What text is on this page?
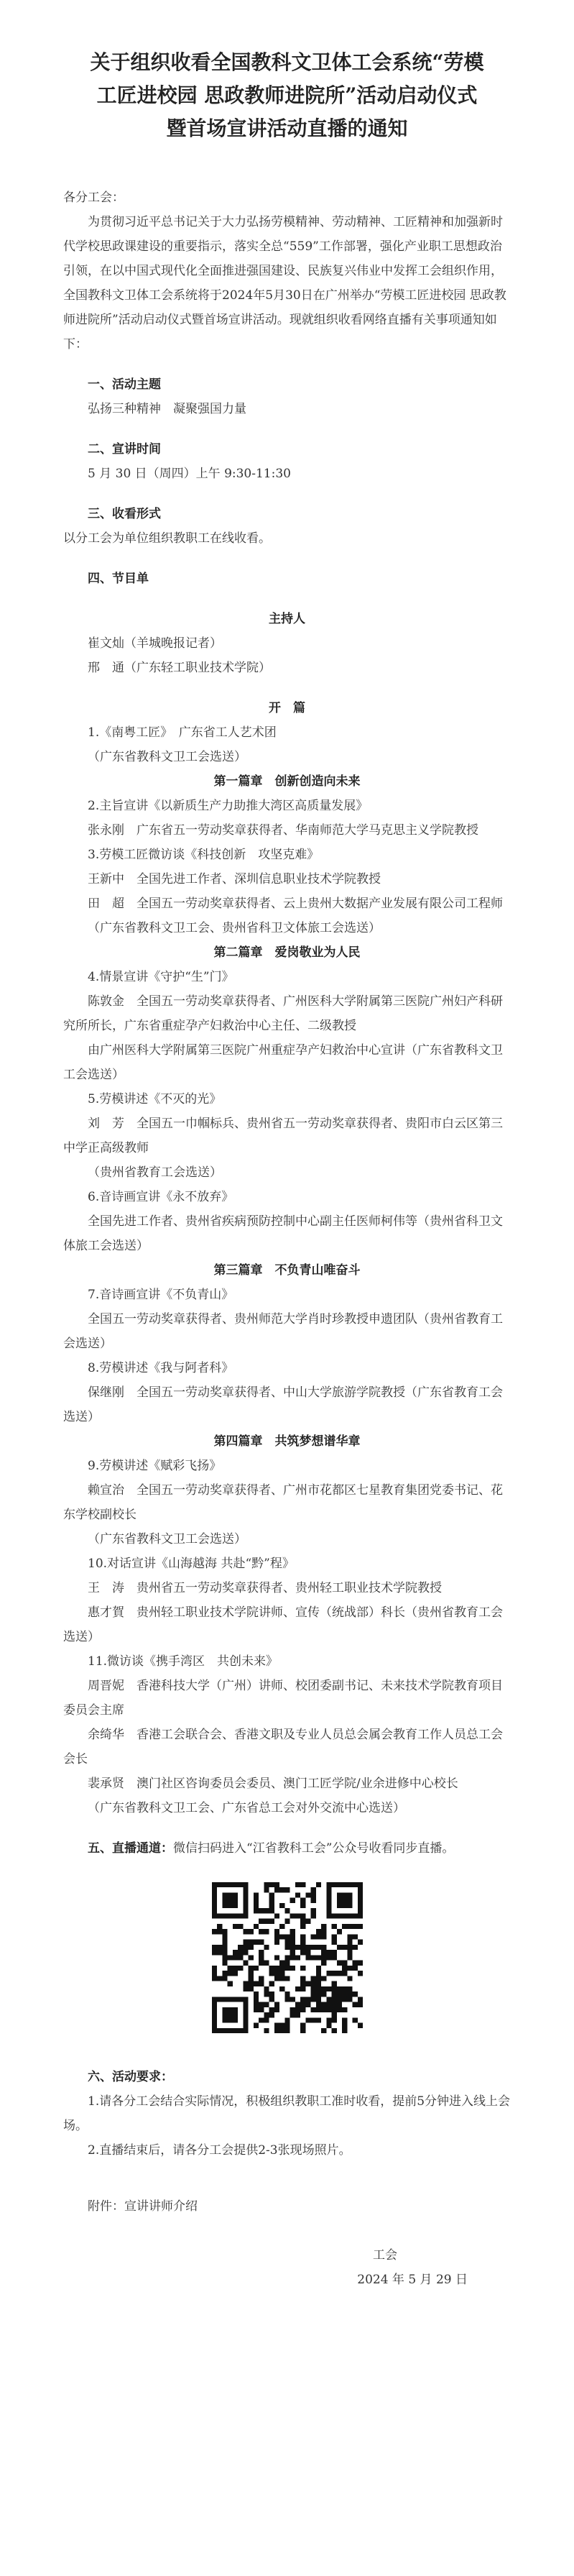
关于组织收看全国教科文卫体工会系统“劳模
工匠进校园 思政教师进院所”活动启动仪式
暨首场宣讲活动直播的通知

各分工会：

为贯彻习近平总书记关于大力弘扬劳模精神、劳动精神、工匠精神和加强新时代学校思政课建设的重要指示，落实全总“559”工作部署，强化产业职工思想政治引领，在以中国式现代化全面推进强国建设、民族复兴伟业中发挥工会组织作用，全国教科文卫体工会系统将于2024年5月30日在广州举办“劳模工匠进校园 思政教师进院所”活动启动仪式暨首场宣讲活动。现就组织收看网络直播有关事项通知如下：

一、活动主题

弘扬三种精神　凝聚强国力量

二、宣讲时间

5 月 30 日（周四）上午 9:30-11:30

三、收看形式

以分工会为单位组织教职工在线收看。

四、节目单

主持人

崔文灿（羊城晚报记者）

邢　通（广东轻工职业技术学院）

开　篇

1.《南粤工匠》　广东省工人艺术团

（广东省教科文卫工会选送）

第一篇章　创新创造向未来

2.主旨宣讲《以新质生产力助推大湾区高质量发展》

张永刚　广东省五一劳动奖章获得者、华南师范大学马克思主义学院教授

3.劳模工匠微访谈《科技创新　攻坚克难》

王新中　全国先进工作者、深圳信息职业技术学院教授

田　超　全国五一劳动奖章获得者、云上贵州大数据产业发展有限公司工程师

（广东省教科文卫工会、贵州省科卫文体旅工会选送）

第二篇章　爱岗敬业为人民

4.情景宣讲《守护“生”门》

陈敦金　全国五一劳动奖章获得者、广州医科大学附属第三医院广州妇产科研究所所长，广东省重症孕产妇救治中心主任、二级教授

由广州医科大学附属第三医院广州重症孕产妇救治中心宣讲（广东省教科文卫工会选送）

5.劳模讲述《不灭的光》

刘　芳　全国五一巾帼标兵、贵州省五一劳动奖章获得者、贵阳市白云区第三中学正高级教师

（贵州省教育工会选送）

6.音诗画宣讲《永不放弃》

全国先进工作者、贵州省疾病预防控制中心副主任医师柯伟等（贵州省科卫文体旅工会选送）

第三篇章　不负青山唯奋斗

7.音诗画宣讲《不负青山》

全国五一劳动奖章获得者、贵州师范大学肖时珍教授申遗团队（贵州省教育工会选送）

8.劳模讲述《我与阿者科》

保继刚　全国五一劳动奖章获得者、中山大学旅游学院教授（广东省教育工会选送）

第四篇章　共筑梦想谱华章

9.劳模讲述《赋彩飞扬》

赖宣治　全国五一劳动奖章获得者、广州市花都区七星教育集团党委书记、花东学校副校长

（广东省教科文卫工会选送）

10.对话宣讲《山海越海 共赴“黔”程》

王　涛　贵州省五一劳动奖章获得者、贵州轻工职业技术学院教授

惠才賀　贵州轻工职业技术学院讲师、宣传（统战部）科长（贵州省教育工会选送）

11.微访谈《携手湾区　共创未来》

周晋妮　香港科技大学（广州）讲师、校团委副书记、未来技术学院教育项目委员会主席

余绮华　香港工会联合会、香港文职及专业人员总会属会教育工作人员总工会会长

裴承贤　澳门社区咨询委员会委员、澳门工匠学院/业余进修中心校长

（广东省教科文卫工会、广东省总工会对外交流中心选送）

五、直播通道：微信扫码进入“江省教科工会”公众号收看同步直播。

六、活动要求：

1.请各分工会结合实际情况，积极组织教职工准时收看，提前5分钟进入线上会场。

2.直播结束后，请各分工会提供2-3张现场照片。

附件：宣讲讲师介绍

工会

2024 年 5 月 29 日
